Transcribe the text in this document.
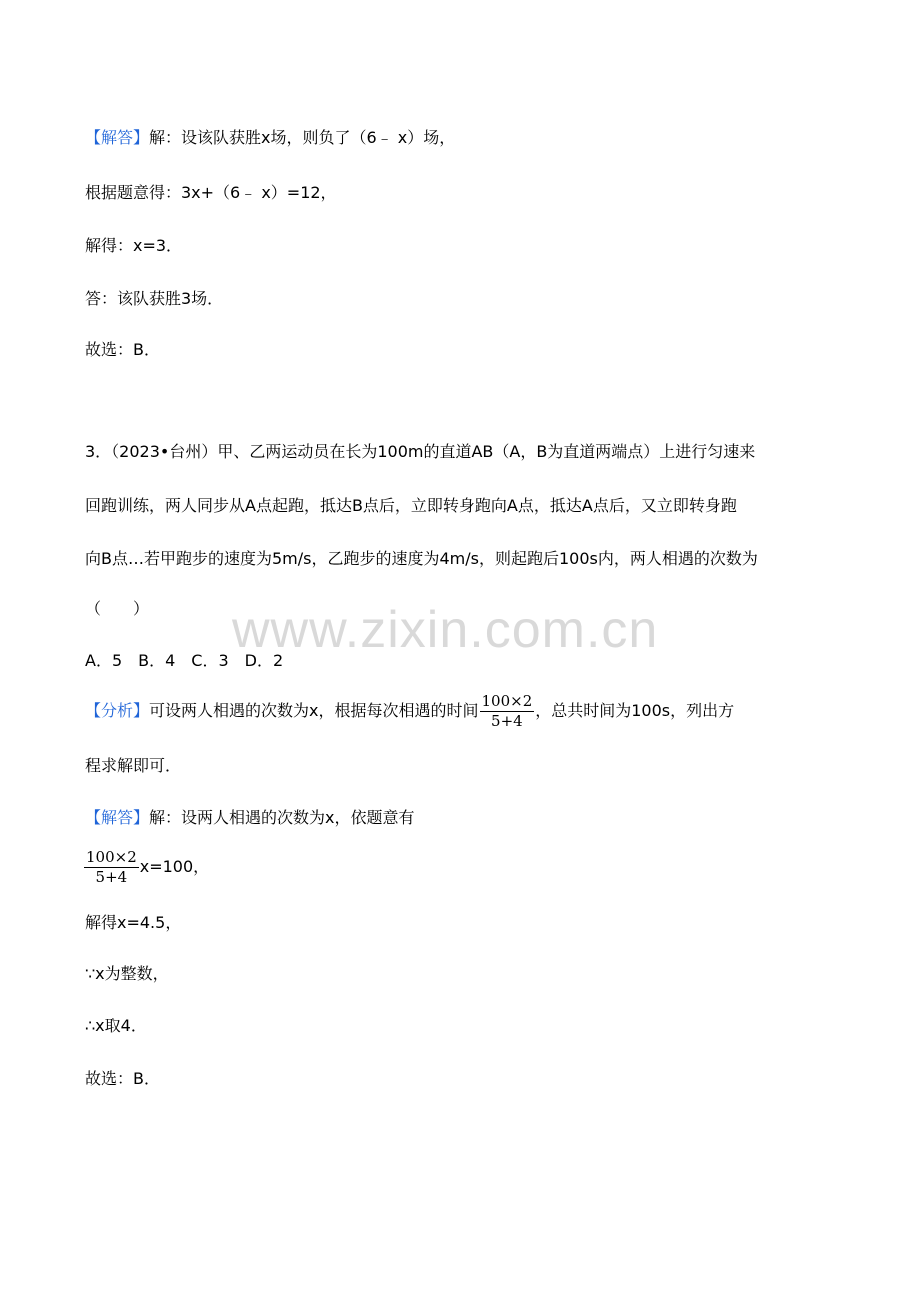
【解答】解：设该队获胜x场，则负了（6﹣ x）场，
根据题意得：3x+（6﹣ x）=12，
解得：x=3．
答：该队获胜3场．
故选：B．
3．（2023•台州）甲、乙两运动员在长为100m的直道AB（A，B为直道两端点）上进行匀速来
回跑训练，两人同步从A点起跑，抵达B点后，立即转身跑向A点，抵达A点后，又立即转身跑
向B点…若甲跑步的速度为5m/s，乙跑步的速度为4m/s，则起跑后100s内，两人相遇的次数为
（　　）
A．5　B．4　C．3　D．2
【分析】可设两人相遇的次数为x，根据每次相遇的时间 $\frac{100\times 2}{5+4}$ ，总共时间为100s，列出方
程求解即可．
【解答】解：设两人相遇的次数为x，依题意有
$\frac{100\times 2}{5+4} x=100$，
解得x=4.5，
∵x为整数，
∴x取4．
故选：B．
www.zixin.com.cn
